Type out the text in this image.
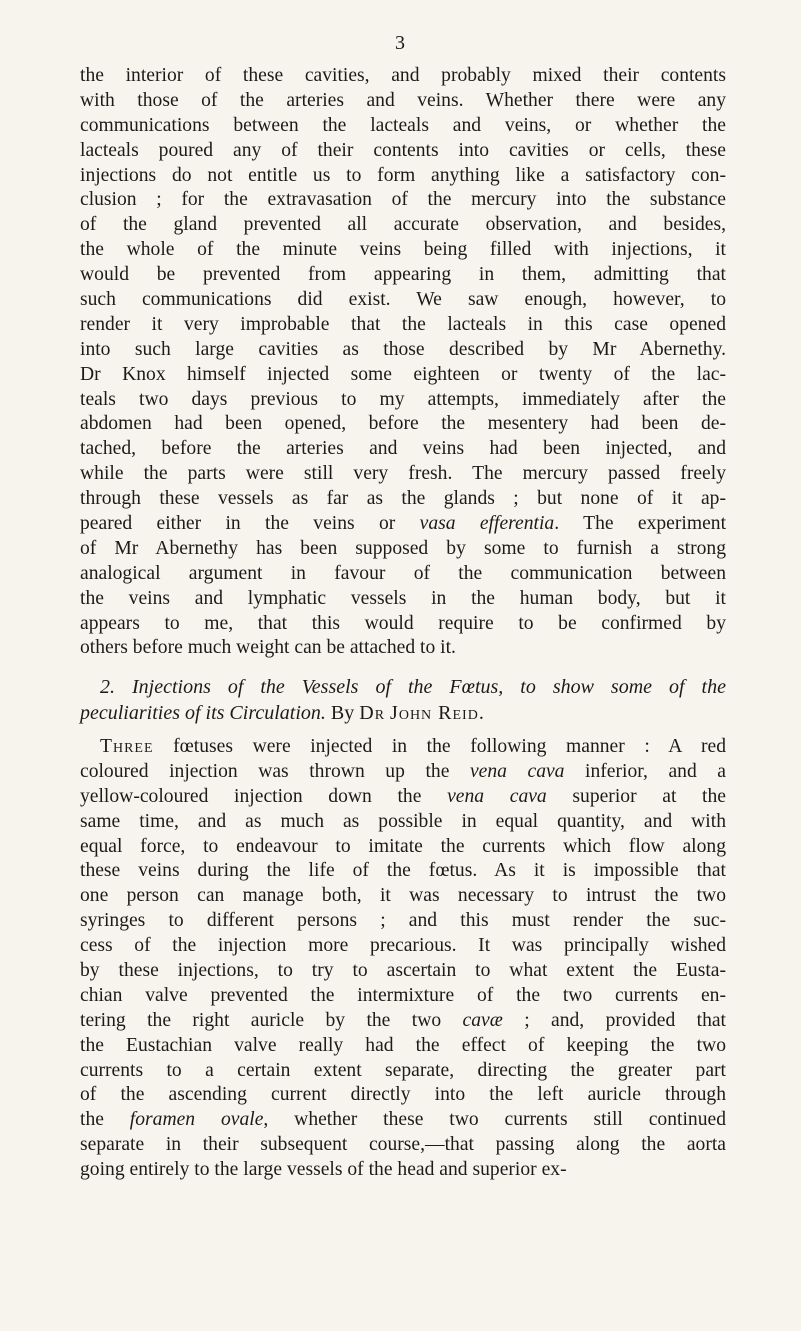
3
the interior of these cavities, and probably mixed their contents
with those of the arteries and veins. Whether there were any
communications between the lacteals and veins, or whether the
lacteals poured any of their contents into cavities or cells, these
injections do not entitle us to form anything like a satisfactory con-
clusion ; for the extravasation of the mercury into the substance
of the gland prevented all accurate observation, and besides,
the whole of the minute veins being filled with injections, it
would be prevented from appearing in them, admitting that
such communications did exist. We saw enough, however, to
render it very improbable that the lacteals in this case opened
into such large cavities as those described by Mr Abernethy.
Dr Knox himself injected some eighteen or twenty of the lac-
teals two days previous to my attempts, immediately after the
abdomen had been opened, before the mesentery had been de-
tached, before the arteries and veins had been injected, and
while the parts were still very fresh. The mercury passed freely
through these vessels as far as the glands ; but none of it ap-
peared either in the veins or vasa efferentia. The experiment
of Mr Abernethy has been supposed by some to furnish a strong
analogical argument in favour of the communication between
the veins and lymphatic vessels in the human body, but it
appears to me, that this would require to be confirmed by
others before much weight can be attached to it.
2. Injections of the Vessels of the Fœtus, to show some of the
peculiarities of its Circulation. By Dr John Reid.
Three fœtuses were injected in the following manner : A red
coloured injection was thrown up the vena cava inferior, and a
yellow-coloured injection down the vena cava superior at the
same time, and as much as possible in equal quantity, and with
equal force, to endeavour to imitate the currents which flow along
these veins during the life of the fœtus. As it is impossible that
one person can manage both, it was necessary to intrust the two
syringes to different persons ; and this must render the suc-
cess of the injection more precarious. It was principally wished
by these injections, to try to ascertain to what extent the Eusta-
chian valve prevented the intermixture of the two currents en-
tering the right auricle by the two cavæ ; and, provided that
the Eustachian valve really had the effect of keeping the two
currents to a certain extent separate, directing the greater part
of the ascending current directly into the left auricle through
the foramen ovale, whether these two currents still continued
separate in their subsequent course,—that passing along the aorta
going entirely to the large vessels of the head and superior ex-
